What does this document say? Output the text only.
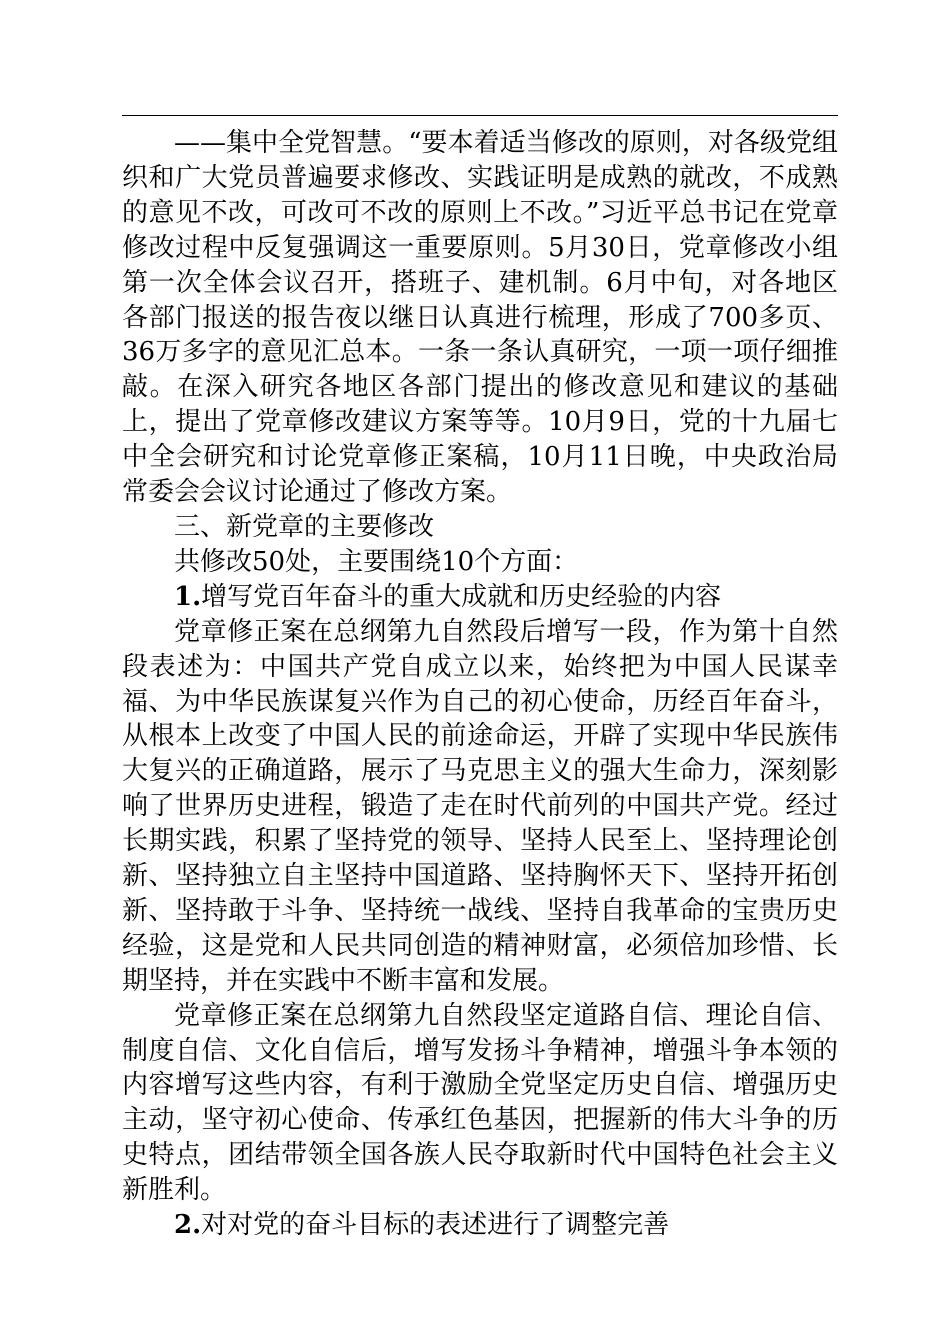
——集中全党智慧。“要本着适当修改的原则，对各级党组织和广大党员普遍要求修改、实践证明是成熟的就改，不成熟的意见不改，可改可不改的原则上不改。”习近平总书记在党章修改过程中反复强调这一重要原则。5月30日，党章修改小组第一次全体会议召开，搭班子、建机制。6月中旬，对各地区各部门报送的报告夜以继日认真进行梳理，形成了700多页、36万多字的意见汇总本。一条一条认真研究，一项一项仔细推敲。在深入研究各地区各部门提出的修改意见和建议的基础上，提出了党章修改建议方案等等。10月9日，党的十九届七中全会研究和讨论党章修正案稿，10月11日晚，中央政治局常委会会议讨论通过了修改方案。

三、新党章的主要修改

共修改50处，主要围绕10个方面：

1.增写党百年奋斗的重大成就和历史经验的内容

党章修正案在总纲第九自然段后增写一段，作为第十自然段表述为：中国共产党自成立以来，始终把为中国人民谋幸福、为中华民族谋复兴作为自己的初心使命，历经百年奋斗，从根本上改变了中国人民的前途命运，开辟了实现中华民族伟大复兴的正确道路，展示了马克思主义的强大生命力，深刻影响了世界历史进程，锻造了走在时代前列的中国共产党。经过长期实践，积累了坚持党的领导、坚持人民至上、坚持理论创新、坚持独立自主坚持中国道路、坚持胸怀天下、坚持开拓创新、坚持敢于斗争、坚持统一战线、坚持自我革命的宝贵历史经验，这是党和人民共同创造的精神财富，必须倍加珍惜、长期坚持，并在实践中不断丰富和发展。

党章修正案在总纲第九自然段坚定道路自信、理论自信、制度自信、文化自信后，增写发扬斗争精神，增强斗争本领的内容增写这些内容，有利于激励全党坚定历史自信、增强历史主动，坚守初心使命、传承红色基因，把握新的伟大斗争的历史特点，团结带领全国各族人民夺取新时代中国特色社会主义新胜利。

2.对对党的奋斗目标的表述进行了调整完善
